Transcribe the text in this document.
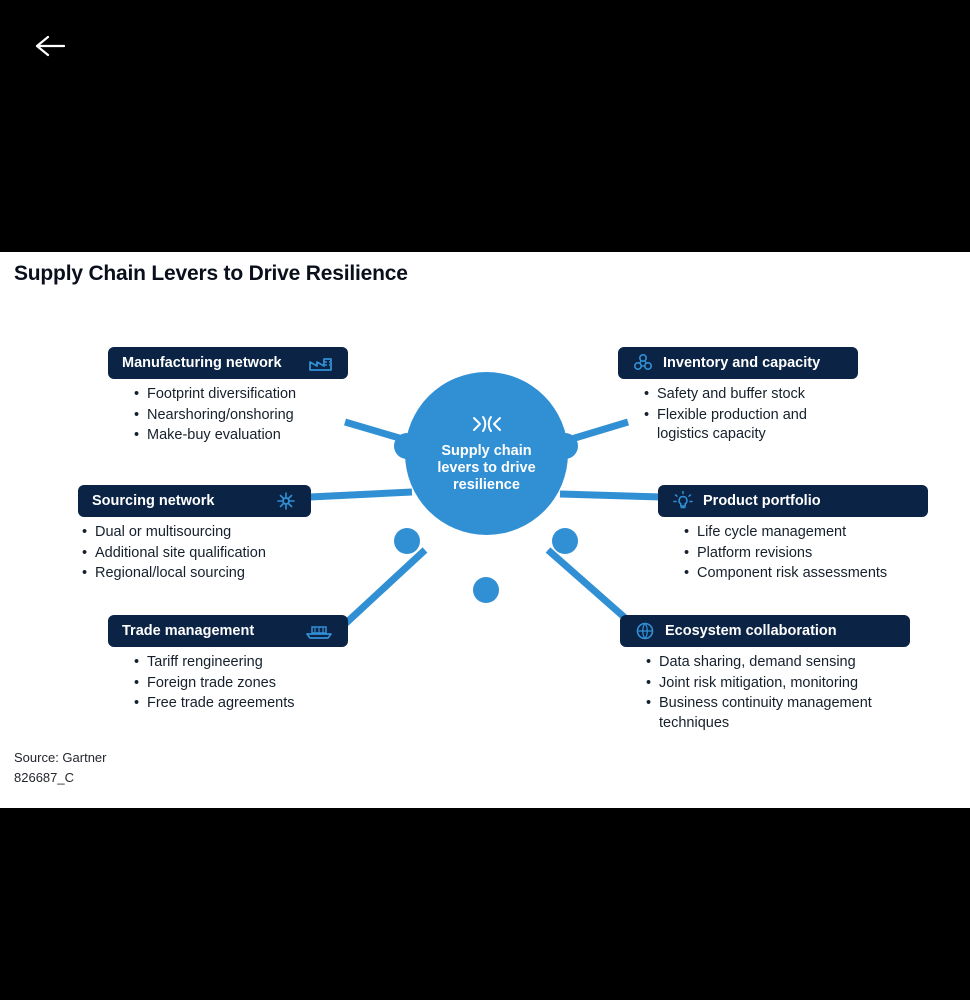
Supply Chain Levers to Drive Resilience
Supply chain
levers to drive
resilience
Manufacturing network
• Footprint diversification
• Nearshoring/onshoring
• Make-buy evaluation
Sourcing network
• Dual or multisourcing
• Additional site qualification
• Regional/local sourcing
Trade management
• Tariff rengineering
• Foreign trade zones
• Free trade agreements
Inventory and capacity
• Safety and buffer stock
• Flexible production and logistics capacity
Product portfolio
• Life cycle management
• Platform revisions
• Component risk assessments
Ecosystem collaboration
• Data sharing, demand sensing
• Joint risk mitigation, monitoring
• Business continuity management techniques
Source: Gartner
826687_C
